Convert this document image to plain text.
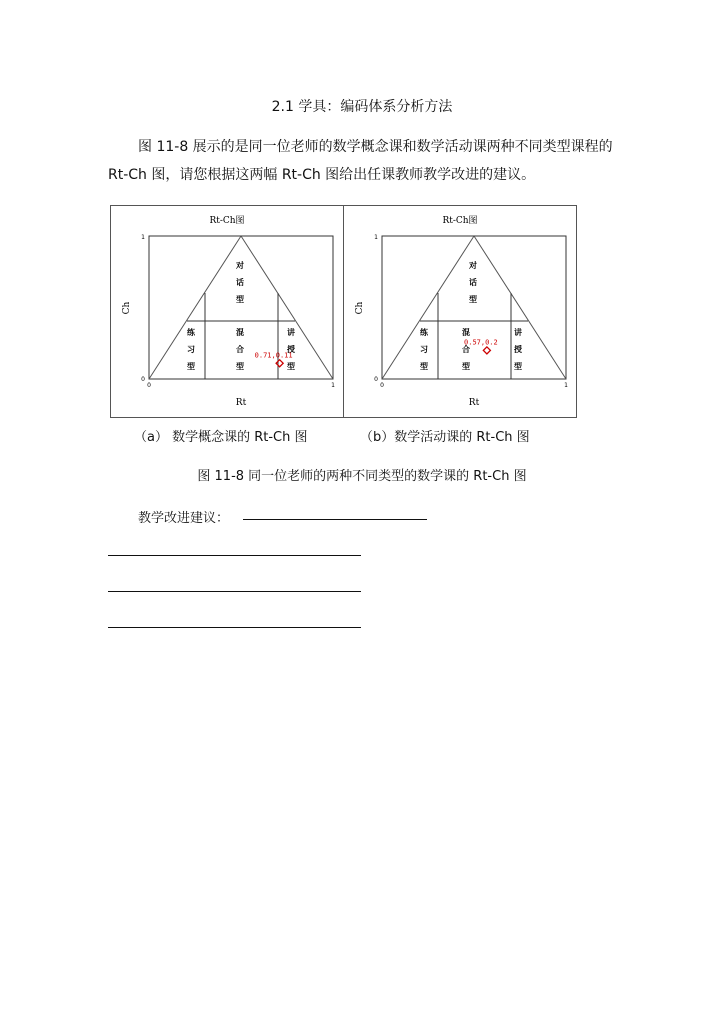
2.1 学具：编码体系分析方法
图 11-8 展示的是同一位老师的数学概念课和数学活动课两种不同类型课程的 Rt-Ch 图，请您根据这两幅 Rt-Ch 图给出任课教师教学改进的建议。
Rt-Ch图
对
话
型
练
习
型
混
合
型
讲
授
型
1
0
0	1
Rt
Ch
0.71,0.11
Rt-Ch图
对
话
型
练
习
型
混
合
型
讲
授
型
1
0
0	1
Rt
Ch
0.57,0.2
（a） 数学概念课的 Rt-Ch 图	（b）数学活动课的 Rt-Ch 图
图 11-8 同一位老师的两种不同类型的数学课的 Rt-Ch 图
教学改进建议：
